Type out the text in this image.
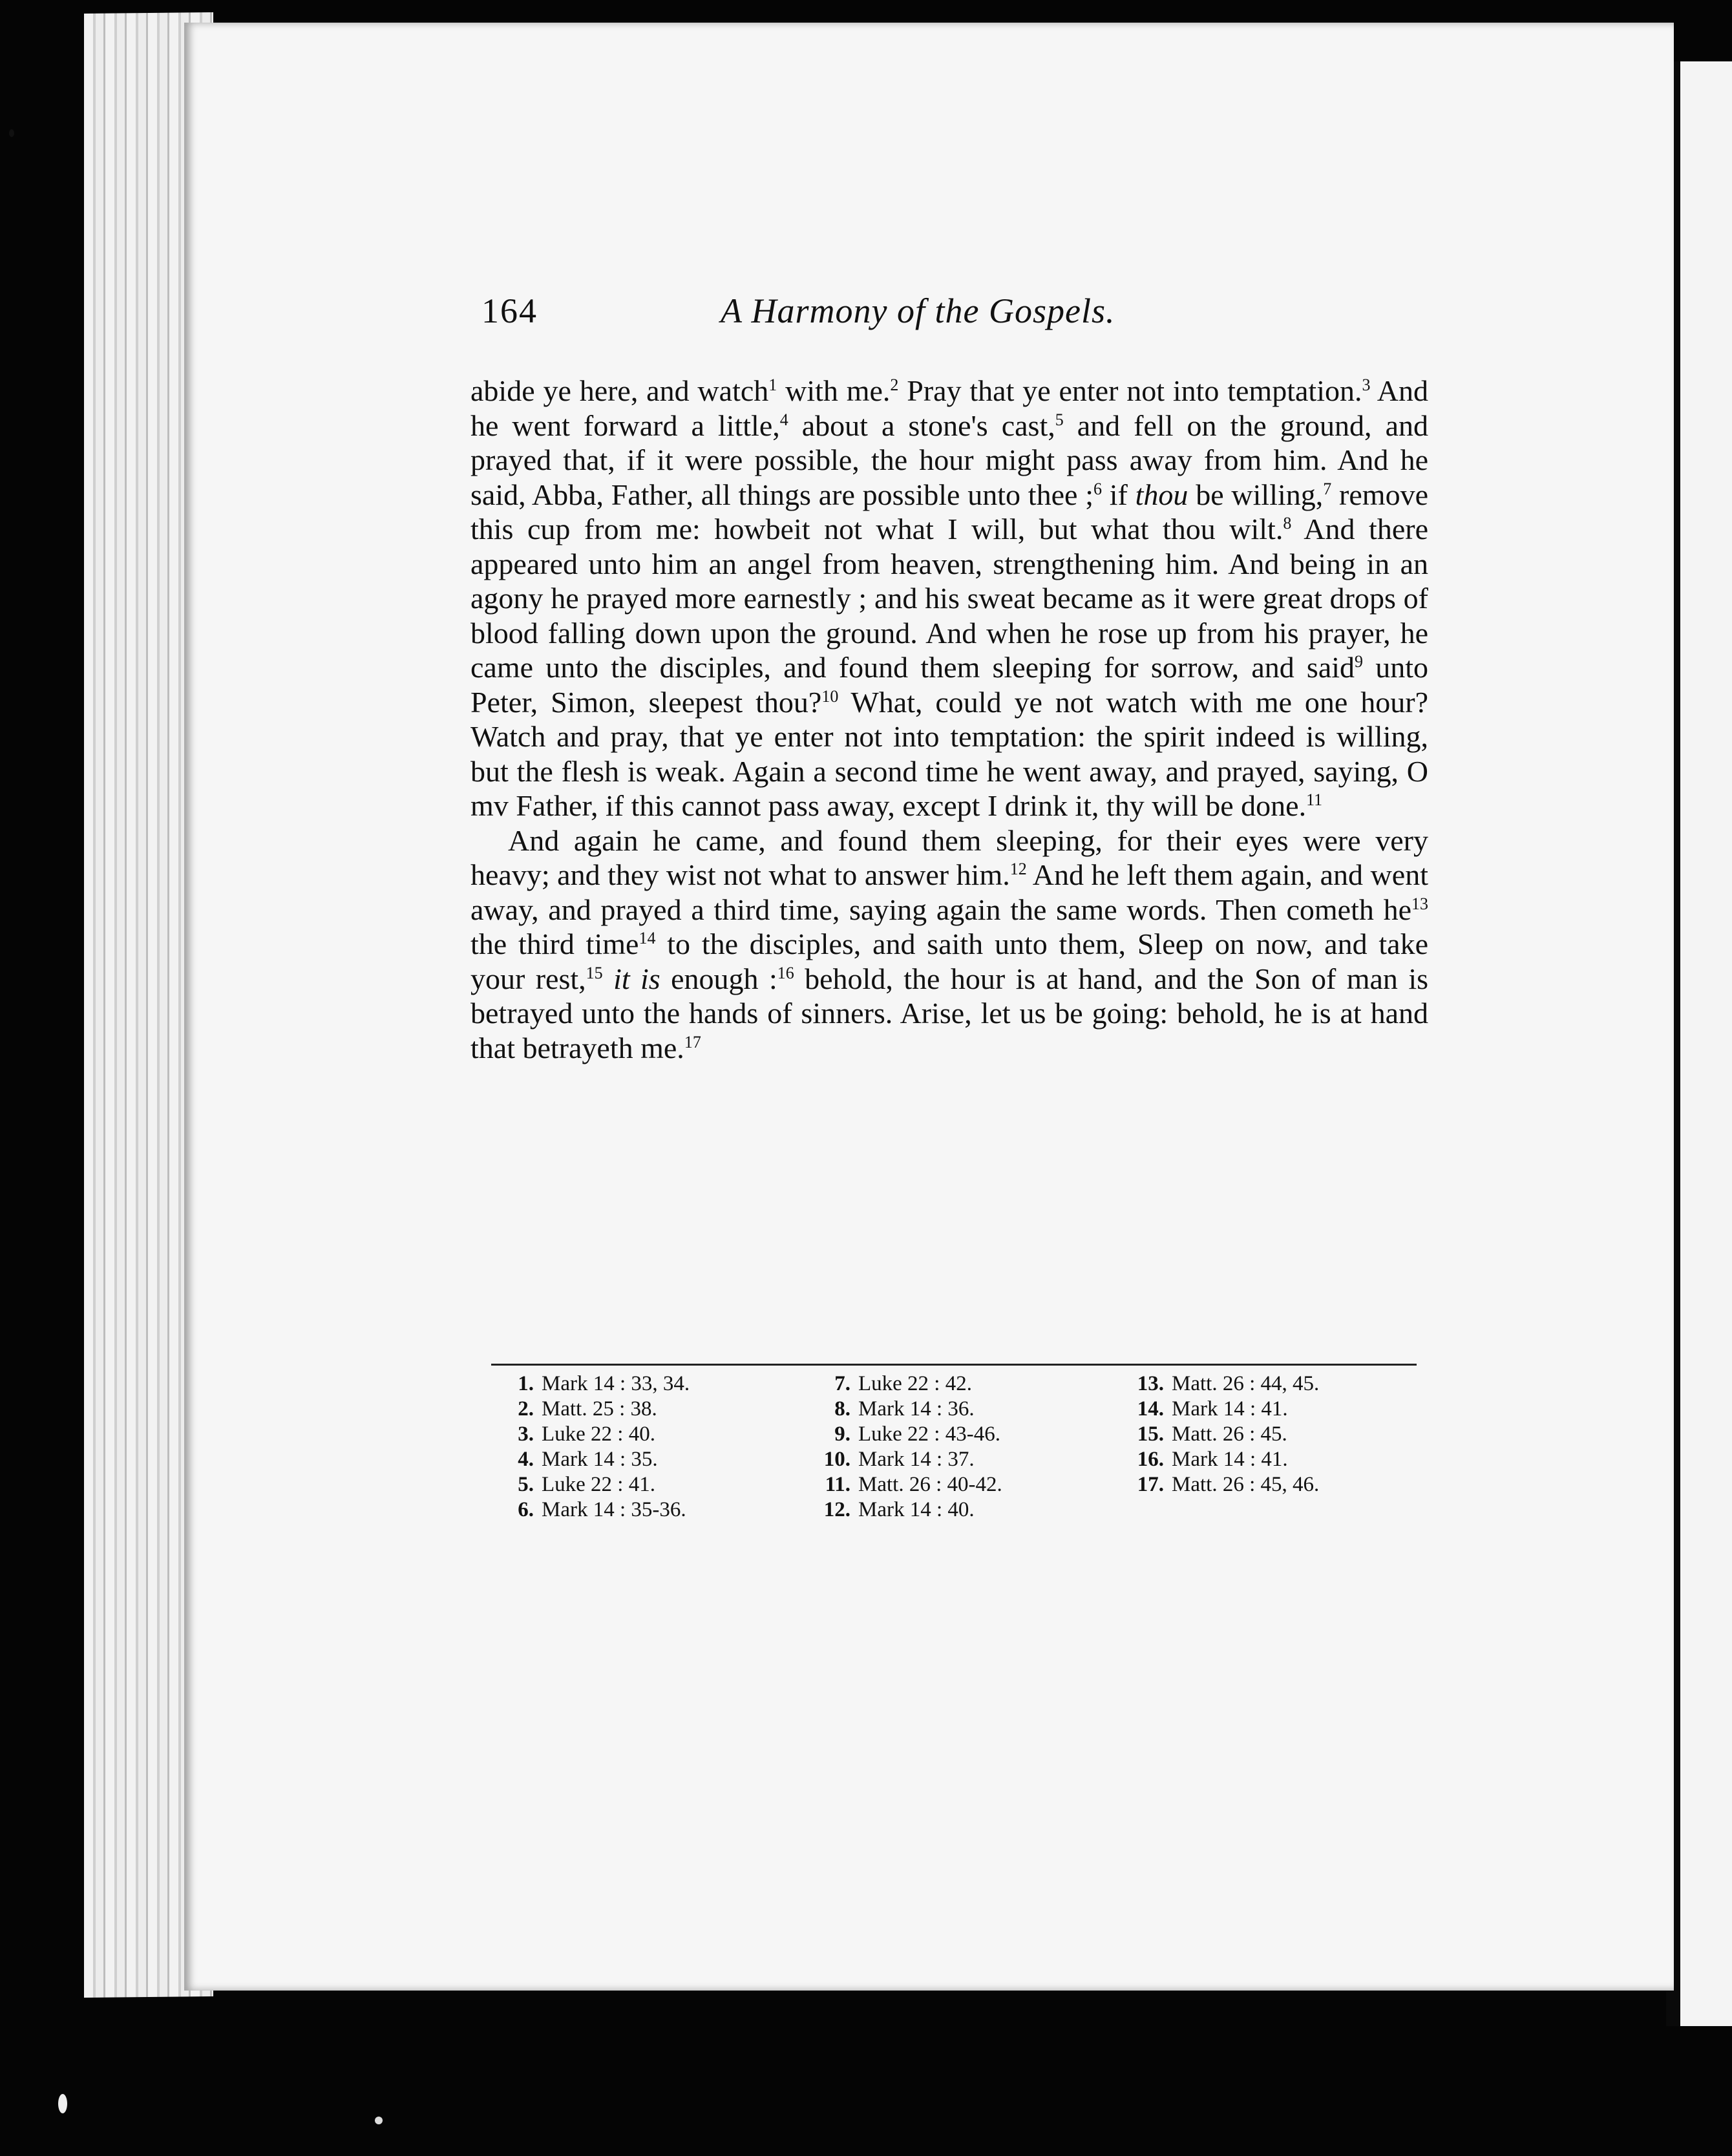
164	A Harmony of the Gospels.

abide ye here, and watch$^1$ with me.$^2$ Pray that ye enter not into temptation.$^3$ And he went forward a little,$^4$ about a stone's cast,$^5$ and fell on the ground, and prayed that, if it were possible, the hour might pass away from him. And he said, Abba, Father, all things are possible unto thee ;$^6$ if thou be willing,$^7$ remove this cup from me: howbeit not what I will, but what thou wilt.$^8$ And there appeared unto him an angel from heaven, strengthening him. And being in an agony he prayed more earnestly ; and his sweat became as it were great drops of blood falling down upon the ground. And when he rose up from his prayer, he came unto the disciples, and found them sleeping for sorrow, and said$^9$ unto Peter, Simon, sleepest thou?$^{10}$ What, could ye not watch with me one hour? Watch and pray, that ye enter not into temptation: the spirit indeed is willing, but the flesh is weak. Again a second time he went away, and prayed, saying, O mv Father, if this cannot pass away, except I drink it, thy will be done.$^{11}$

And again he came, and found them sleeping, for their eyes were very heavy; and they wist not what to answer him.$^{12}$ And he left them again, and went away, and prayed a third time, saying again the same words. Then cometh $he^{13}$ the third time$^{14}$ to the disciples, and saith unto them, Sleep on now, and take your rest,$^{15}$ it is enough :$^{16}$ behold, the hour is at hand, and the Son of man is betrayed unto the hands of sinners. Arise, let us be going: behold, he is at hand that betrayeth me.$^{17}$

1. Mark 14 : 33, 34.
2. Matt. 25 : 38.
3. Luke 22 : 40.
4. Mark 14 : 35.
5. Luke 22 : 41.
6. Mark 14 : 35-36.
7. Luke 22 : 42.
8. Mark 14 : 36.
9. Luke 22 : 43-46.
10. Mark 14 : 37.
11. Matt. 26 : 40-42.
12. Mark 14 : 40.
13. Matt. 26 : 44, 45.
14. Mark 14 : 41.
15. Matt. 26 : 45.
16. Mark 14 : 41.
17. Matt. 26 : 45, 46.
